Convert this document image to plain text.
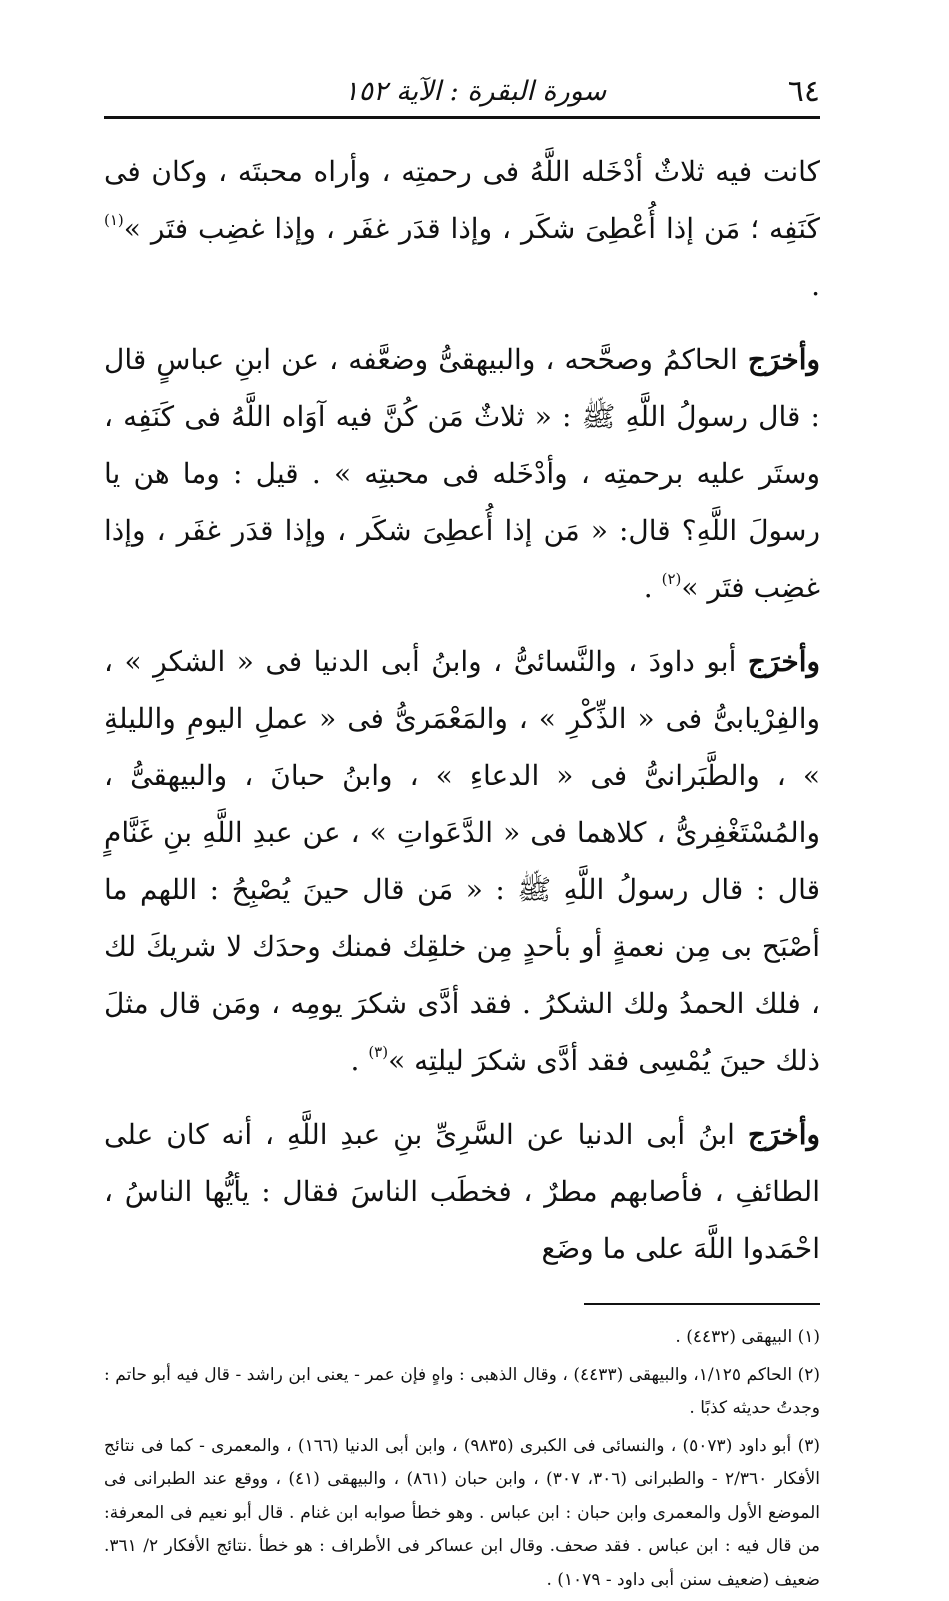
٦٤
سورة البقرة : الآية ١٥٢

كانت فيه ثلاثٌ أدْخَله اللَّهُ فى رحمتِه ، وأراه محبتَه ، وكان فى كَنَفِه ؛ مَن إذا أُعْطِىَ شكَر ، وإذا قدَر غفَر ، وإذا غضِب فتَر »$^{(١)}$ .

وأخرَج الحاكمُ وصحَّحه ، والبيهقىُّ وضعَّفه ، عن ابنِ عباسٍ قال : قال رسولُ اللَّهِ ﷺ : « ثلاثٌ مَن كُنَّ فيه آوَاه اللَّهُ فى كَنَفِه ، وستَر عليه برحمتِه ، وأدْخَله فى محبتِه » . قيل : وما هن يا رسولَ اللَّهِ؟ قال: « مَن إذا أُعطِىَ شكَر ، وإذا قدَر غفَر ، وإذا غضِب فتَر »$^{(٢)}$ .

وأخرَج أبو داودَ ، والنَّسائىُّ ، وابنُ أبى الدنيا فى « الشكرِ » ، والفِرْيابىُّ فى « الذِّكْرِ » ، والمَعْمَرىُّ فى « عملِ اليومِ والليلةِ » ، والطَّبَرانىُّ فى « الدعاءِ » ، وابنُ حبانَ ، والبيهقىُّ ، والمُسْتَغْفِرىُّ ، كلاهما فى « الدَّعَواتِ » ، عن عبدِ اللَّهِ بنِ غَنَّامٍ قال : قال رسولُ اللَّهِ ﷺ : « مَن قال حينَ يُصْبِحُ : اللهم ما أصْبَح بى مِن نعمةٍ أو بأحدٍ مِن خلقِك فمنك وحدَك لا شريكَ لك ، فلك الحمدُ ولك الشكرُ . فقد أدَّى شكرَ يومِه ، ومَن قال مثلَ ذلك حينَ يُمْسِى فقد أدَّى شكرَ ليلتِه »$^{(٣)}$ .

وأخرَج ابنُ أبى الدنيا عن السَّرِىِّ بنِ عبدِ اللَّهِ ، أنه كان على الطائفِ ، فأصابهم مطرٌ ، فخطَب الناسَ فقال : يأيُّها الناسُ ، احْمَدوا اللَّهَ على ما وضَع

(١) البيهقى (٤٤٣٢) .

(٢) الحاكم ١/١٢٥، والبيهقى (٤٤٣٣) ، وقال الذهبى : واهٍ فإن عمر - يعنى ابن راشد - قال فيه أبو حاتم : وجدتُ حديثه كذبًا .

(٣) أبو داود (٥٠٧٣) ، والنسائى فى الكبرى (٩٨٣٥) ، وابن أبى الدنيا (١٦٦) ، والمعمرى - كما فى نتائج الأفكار ٢/٣٦٠ - والطبرانى (٣٠٦، ٣٠٧) ، وابن حبان (٨٦١) ، والبيهقى (٤١) ، ووقع عند الطبرانى فى الموضع الأول والمعمرى وابن حبان : ابن عباس . وهو خطأ صوابه ابن غنام . قال أبو نعيم فى المعرفة: من قال فيه : ابن عباس . فقد صحف. وقال ابن عساكر فى الأطراف : هو خطأ .نتائج الأفكار ٢/ ٣٦١. ضعيف (ضعيف سنن أبى داود - ١٠٧٩) .
